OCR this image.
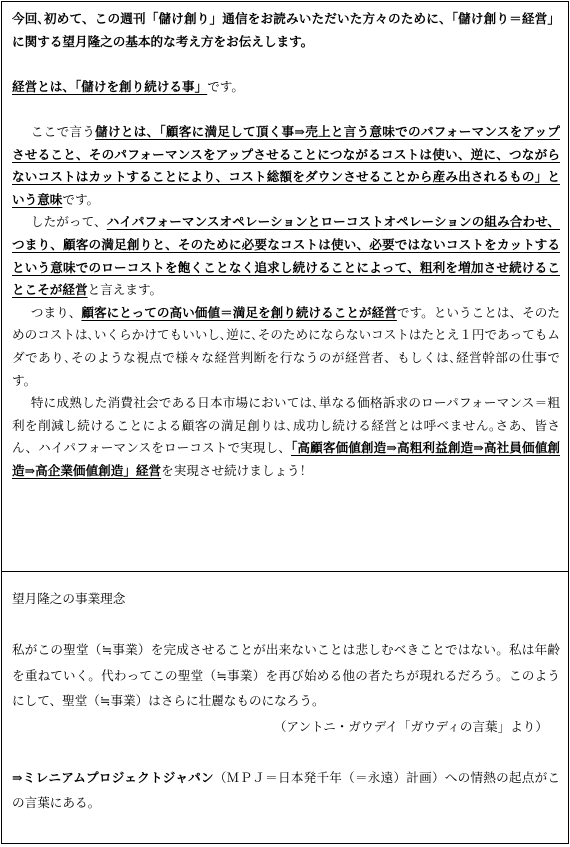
今回､初めて、この週刊「儲け創り」通信をお読みいただいた方々のために、「儲け創り＝経営」に関する望月隆之の基本的な考え方をお伝えします。

経営とは、「儲けを創り続ける事」です。

ここで言う儲けとは、「顧客に満足して頂く事⇒売上と言う意味でのパフォーマンスをアップさせること、そのパフォーマンスをアップさせることにつながるコストは使い、逆に、つながらないコストはカットすることにより、コスト総額をダウンさせることから産み出されるもの」という意味です。

したがって、ハイパフォーマンスオペレーションとローコストオペレーションの組み合わせ、つまり、顧客の満足創りと、そのために必要なコストは使い、必要ではないコストをカットするという意味でのローコストを飽くことなく追求し続けることによって、粗利を増加させ続けることこそが経営と言えます。

つまり、顧客にとっての高い価値＝満足を創り続けることが経営です。ということは、そのためのコストは､いくらかけてもいいし､逆に､そのためにならないコストはたとえ１円であってもムダであり､そのような視点で様々な経営判断を行なうのが経営者、もしくは､経営幹部の仕事です。

特に成熟した消費社会である日本市場においては､単なる価格訴求のローパフォーマンス＝粗利を削減し続けることによる顧客の満足創りは､成功し続ける経営とは呼べません｡さあ、皆さん、ハイパフォーマンスをローコストで実現し、「高顧客価値創造⇒高粗利益創造⇒高社員価値創造⇒高企業価値創造」経営を実現させ続けましょう！

望月隆之の事業理念

私がこの聖堂（≒事業）を完成させることが出来ないことは悲しむべきことではない。私は年齢を重ねていく。代わってこの聖堂（≒事業）を再び始める他の者たちが現れるだろう。このようにして、聖堂（≒事業）はさらに壮麗なものになろう。

（アントニ・ガウデイ「ガウディの言葉」より）

⇒ミレニアムプロジェクトジャパン（ＭＰＪ＝日本発千年（＝永遠）計画）への情熱の起点がこの言葉にある。
